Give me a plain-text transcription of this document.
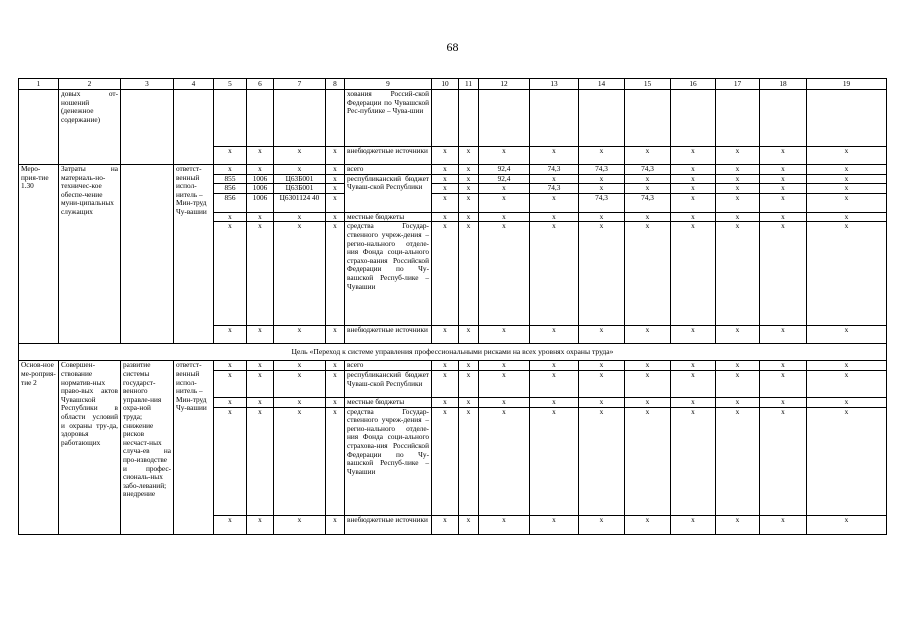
68
1	2	3	4	5	6	7	8	9	10	11	12	13	14	15	16	17	18	19
	довых от-ношений (денежное содержание)							хования Россий-ской Федерации по Чувашской Рес-публике – Чува-шии										
				x	x	x	x	внебюджетные источники	x	x	x	x	x	x	x	x	x	x
Меро-прия-тие 1.30	Затраты на материаль-но-техничес-кое обеспе-чение муни-ципальных служащих		ответст-венный испол-нитель – Мин-труд Чу-вашии	x	x	x	x	всего	x	x	92,4	74,3	74,3	74,3	x	x	x	x
				855	1006	Ц63Б001	x	республиканский бюджет Чуваш-ской Республики	x	x	92,4	x	x	x	x	x	x	x
				856	1006	Ц63Б001	x		x	x	x	74,3	x	x	x	x	x	x
				856	1006	Ц6301124 40	x		x	x	x	x	74,3	74,3	x	x	x	x
				x	x	x	x	местные бюджеты	x	x	x	x	x	x	x	x	x	x
				x	x	x	x	средства Государ-ственного учреж-дения – регио-нального отделе-ния Фонда соци-ального страхо-вания Российской Федерации по Чу-вашской Респуб-лике – Чувашии	x	x	x	x	x	x	x	x	x	x
				x	x	x	x	внебюджетные источники	x	x	x	x	x	x	x	x	x	x
Цель «Переход к системе управления профессиональными рисками на всех уровнях охраны труда»																		
Основ-ное ме-роприя-тие 2	Совершен-ствование норматив-ных право-вых актов Чувашской Республики в области условий и охраны тру-да, здоровья работающих	развитие системы государст-венного управле-ния охра-ной труда; снижение рисков несчаст-ных случа-ев на про-изводстве и профес-сиональ-ных забо-леваний; внедрение	ответст-венный испол-нитель – Мин-труд Чу-вашии	x	x	x	x	всего	x	x	x	x	x	x	x	x	x	x
				x	x	x	x	республиканский бюджет Чуваш-ской Республики	x	x	x	x	x	x	x	x	x	x
				x	x	x	x	местные бюджеты	x	x	x	x	x	x	x	x	x	x
				x	x	x	x	средства Государ-ственного учреж-дения – регио-нального отделе-ния Фонда соци-ального страхова-ния Российской Федерации по Чу-вашской Респуб-лике – Чувашии	x	x	x	x	x	x	x	x	x	x
				x	x	x	x	внебюджетные источники	x	x	x	x	x	x	x	x	x	x
